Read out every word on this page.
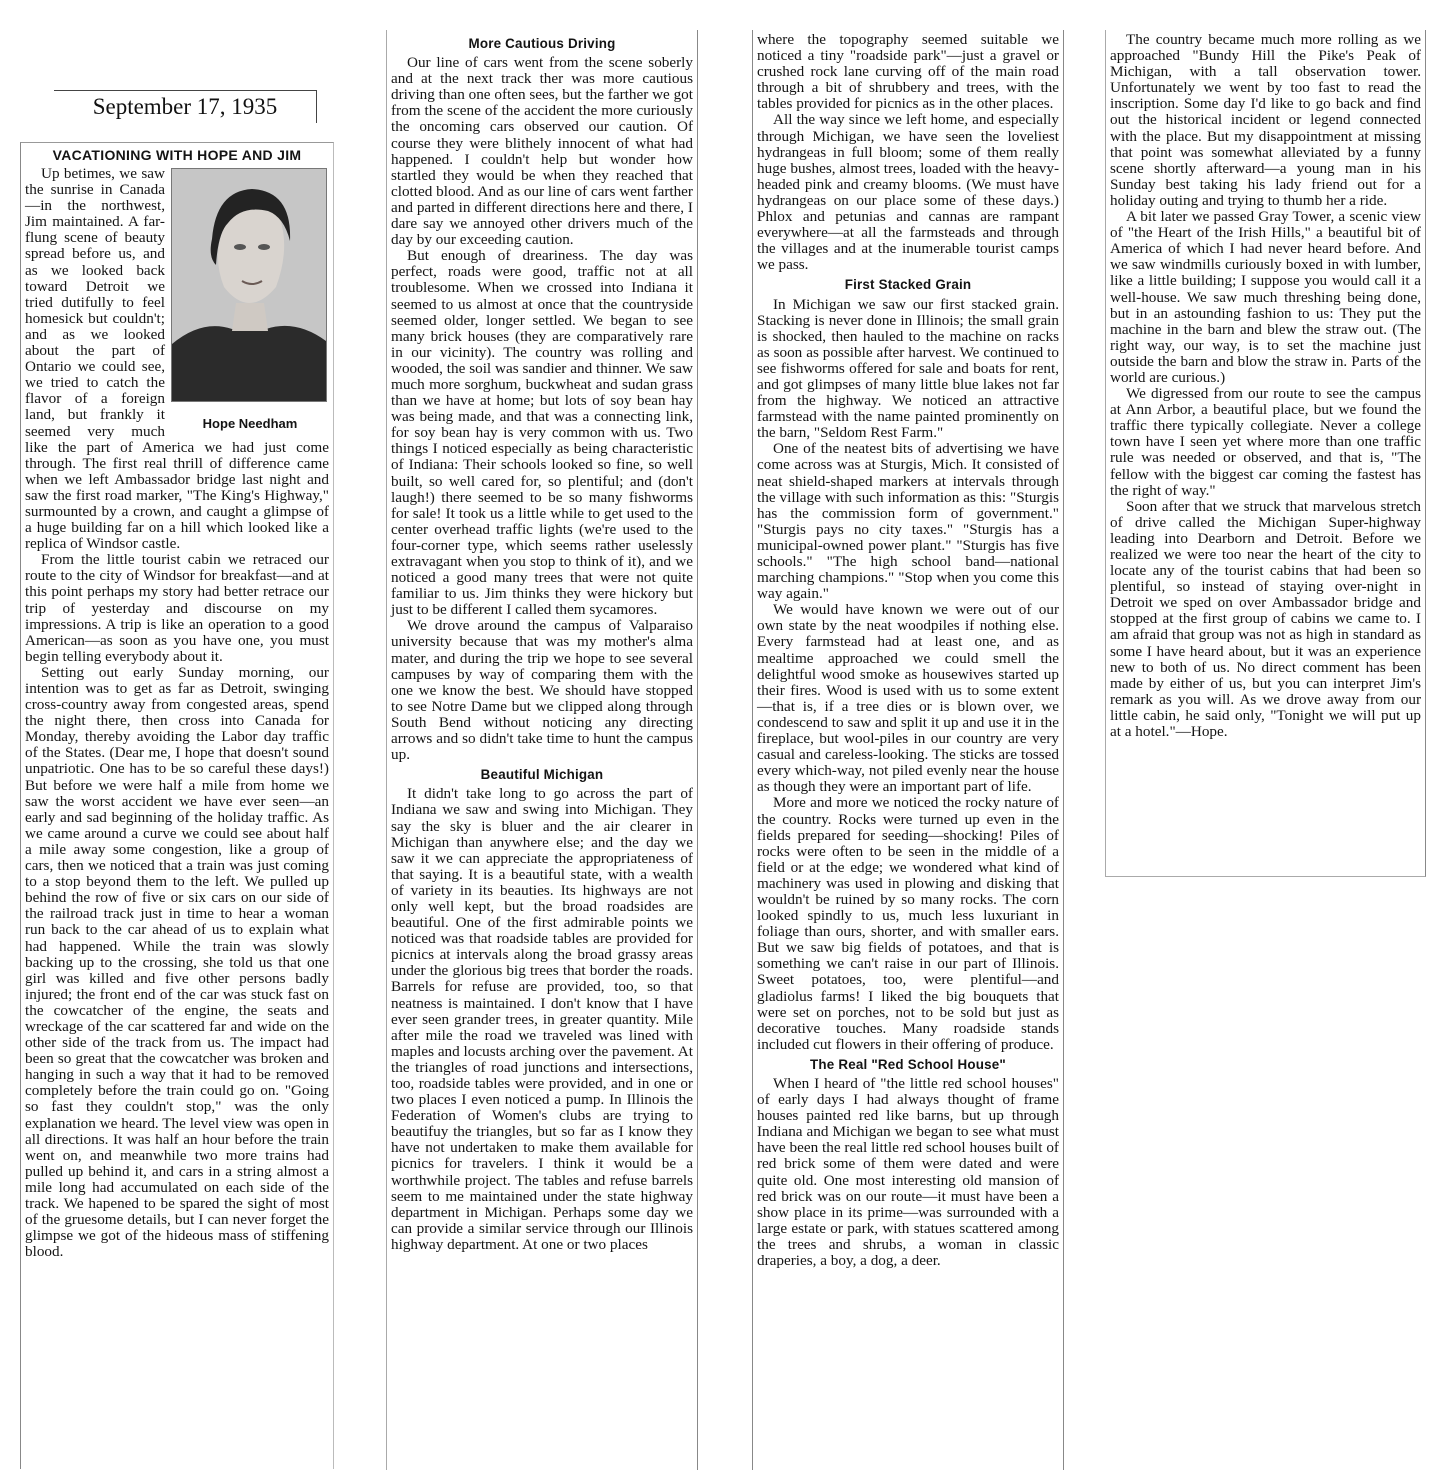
September 17, 1935
VACATIONING WITH HOPE AND JIM
Hope Needham

Up betimes, we saw the sunrise in Canada—in the northwest, Jim maintained. A far-flung scene of beauty spread before us, and as we looked back toward Detroit we tried dutifully to feel homesick but couldn't; and as we looked about the part of Ontario we could see, we tried to catch the flavor of a foreign land, but frankly it seemed very much like the part of America we had just come through. The first real thrill of difference came when we left Ambassador bridge last night and saw the first road marker, "The King's Highway," surmounted by a crown, and caught a glimpse of a huge building far on a hill which looked like a replica of Windsor castle.

From the little tourist cabin we retraced our route to the city of Windsor for breakfast—and at this point perhaps my story had better retrace our trip of yesterday and discourse on my impressions. A trip is like an operation to a good American—as soon as you have one, you must begin telling everybody about it.

Setting out early Sunday morning, our intention was to get as far as Detroit, swinging cross-country away from congested areas, spend the night there, then cross into Canada for Monday, thereby avoiding the Labor day traffic of the States. (Dear me, I hope that doesn't sound unpatriotic. One has to be so careful these days!) But before we were half a mile from home we saw the worst accident we have ever seen—an early and sad beginning of the holiday traffic. As we came around a curve we could see about half a mile away some congestion, like a group of cars, then we noticed that a train was just coming to a stop beyond them to the left. We pulled up behind the row of five or six cars on our side of the railroad track just in time to hear a woman run back to the car ahead of us to explain what had happened. While the train was slowly backing up to the crossing, she told us that one girl was killed and five other persons badly injured; the front end of the car was stuck fast on the cowcatcher of the engine, the seats and wreckage of the car scattered far and wide on the other side of the track from us. The impact had been so great that the cowcatcher was broken and hanging in such a way that it had to be removed completely before the train could go on. "Going so fast they couldn't stop," was the only explanation we heard. The level view was open in all directions. It was half an hour before the train went on, and meanwhile two more trains had pulled up behind it, and cars in a string almost a mile long had accumulated on each side of the track. We hapened to be spared the sight of most of the gruesome details, but I can never forget the glimpse we got of the hideous mass of stiffening blood.

More Cautious Driving

Our line of cars went from the scene soberly and at the next track ther was more cautious driving than one often sees, but the farther we got from the scene of the accident the more curiously the oncoming cars observed our caution. Of course they were blithely innocent of what had happened. I couldn't help but wonder how startled they would be when they reached that clotted blood. And as our line of cars went farther and parted in different directions here and there, I dare say we annoyed other drivers much of the day by our exceeding caution.

But enough of dreariness. The day was perfect, roads were good, traffic not at all troublesome. When we crossed into Indiana it seemed to us almost at once that the countryside seemed older, longer settled. We began to see many brick houses (they are comparatively rare in our vicinity). The country was rolling and wooded, the soil was sandier and thinner. We saw much more sorghum, buckwheat and sudan grass than we have at home; but lots of soy bean hay was being made, and that was a connecting link, for soy bean hay is very common with us. Two things I noticed especially as being characteristic of Indiana: Their schools looked so fine, so well built, so well cared for, so plentiful; and (don't laugh!) there seemed to be so many fishworms for sale! It took us a little while to get used to the center overhead traffic lights (we're used to the four-corner type, which seems rather uselessly extravagant when you stop to think of it), and we noticed a good many trees that were not quite familiar to us. Jim thinks they were hickory but just to be different I called them sycamores.

We drove around the campus of Valparaiso university because that was my mother's alma mater, and during the trip we hope to see several campuses by way of comparing them with the one we know the best. We should have stopped to see Notre Dame but we clipped along through South Bend without noticing any directing arrows and so didn't take time to hunt the campus up.

Beautiful Michigan

It didn't take long to go across the part of Indiana we saw and swing into Michigan. They say the sky is bluer and the air clearer in Michigan than anywhere else; and the day we saw it we can appreciate the appropriateness of that saying. It is a beautiful state, with a wealth of variety in its beauties. Its highways are not only well kept, but the broad roadsides are beautiful. One of the first admirable points we noticed was that roadside tables are provided for picnics at intervals along the broad grassy areas under the glorious big trees that border the roads. Barrels for refuse are provided, too, so that neatness is maintained. I don't know that I have ever seen grander trees, in greater quantity. Mile after mile the road we traveled was lined with maples and locusts arching over the pavement. At the triangles of road junctions and intersections, too, roadside tables were provided, and in one or two places I even noticed a pump. In Illinois the Federation of Women's clubs are trying to beautifuy the triangles, but so far as I know they have not undertaken to make them available for picnics for travelers. I think it would be a worthwhile project. The tables and refuse barrels seem to me maintained under the state highway department in Michigan. Perhaps some day we can provide a similar service through our Illinois highway department. At one or two places

where the topography seemed suitable we noticed a tiny "roadside park"—just a gravel or crushed rock lane curving off of the main road through a bit of shrubbery and trees, with the tables provided for picnics as in the other places.

All the way since we left home, and especially through Michigan, we have seen the loveliest hydrangeas in full bloom; some of them really huge bushes, almost trees, loaded with the heavy-headed pink and creamy blooms. (We must have hydrangeas on our place some of these days.) Phlox and petunias and cannas are rampant everywhere—at all the farmsteads and through the villages and at the inumerable tourist camps we pass.

First Stacked Grain

In Michigan we saw our first stacked grain. Stacking is never done in Illinois; the small grain is shocked, then hauled to the machine on racks as soon as possible after harvest. We continued to see fishworms offered for sale and boats for rent, and got glimpses of many little blue lakes not far from the highway. We noticed an attractive farmstead with the name painted prominently on the barn, "Seldom Rest Farm."

One of the neatest bits of advertising we have come across was at Sturgis, Mich. It consisted of neat shield-shaped markers at intervals through the village with such information as this: "Sturgis has the commission form of government." "Sturgis pays no city taxes." "Sturgis has a municipal-owned power plant." "Sturgis has five schools." "The high school band—national marching champions." "Stop when you come this way again."

We would have known we were out of our own state by the neat woodpiles if nothing else. Every farmstead had at least one, and as mealtime approached we could smell the delightful wood smoke as housewives started up their fires. Wood is used with us to some extent—that is, if a tree dies or is blown over, we condescend to saw and split it up and use it in the fireplace, but wool-piles in our country are very casual and careless-looking. The sticks are tossed every which-way, not piled evenly near the house as though they were an important part of life.

More and more we noticed the rocky nature of the country. Rocks were turned up even in the fields prepared for seeding—shocking! Piles of rocks were often to be seen in the middle of a field or at the edge; we wondered what kind of machinery was used in plowing and disking that wouldn't be ruined by so many rocks. The corn looked spindly to us, much less luxuriant in foliage than ours, shorter, and with smaller ears. But we saw big fields of potatoes, and that is something we can't raise in our part of Illinois. Sweet potatoes, too, were plentiful—and gladiolus farms! I liked the big bouquets that were set on porches, not to be sold but just as decorative touches. Many roadside stands included cut flowers in their offering of produce.

The Real "Red School House"

When I heard of "the little red school houses" of early days I had always thought of frame houses painted red like barns, but up through Indiana and Michigan we began to see what must have been the real little red school houses built of red brick some of them were dated and were quite old. One most interesting old mansion of red brick was on our route—it must have been a show place in its prime—was surrounded with a large estate or park, with statues scattered among the trees and shrubs, a woman in classic draperies, a boy, a dog, a deer.

The country became much more rolling as we approached "Bundy Hill the Pike's Peak of Michigan, with a tall observation tower. Unfortunately we went by too fast to read the inscription. Some day I'd like to go back and find out the historical incident or legend connected with the place. But my disappointment at missing that point was somewhat alleviated by a funny scene shortly afterward—a young man in his Sunday best taking his lady friend out for a holiday outing and trying to thumb her a ride.

A bit later we passed Gray Tower, a scenic view of "the Heart of the Irish Hills," a beautiful bit of America of which I had never heard before. And we saw windmills curiously boxed in with lumber, like a little building; I suppose you would call it a well-house. We saw much threshing being done, but in an astounding fashion to us: They put the machine in the barn and blew the straw out. (The right way, our way, is to set the machine just outside the barn and blow the straw in. Parts of the world are curious.)

We digressed from our route to see the campus at Ann Arbor, a beautiful place, but we found the traffic there typically collegiate. Never a college town have I seen yet where more than one traffic rule was needed or observed, and that is, "The fellow with the biggest car coming the fastest has the right of way."

Soon after that we struck that marvelous stretch of drive called the Michigan Super-highway leading into Dearborn and Detroit. Before we realized we were too near the heart of the city to locate any of the tourist cabins that had been so plentiful, so instead of staying over-night in Detroit we sped on over Ambassador bridge and stopped at the first group of cabins we came to. I am afraid that group was not as high in standard as some I have heard about, but it was an experience new to both of us. No direct comment has been made by either of us, but you can interpret Jim's remark as you will. As we drove away from our little cabin, he said only, "Tonight we will put up at a hotel."—Hope.
